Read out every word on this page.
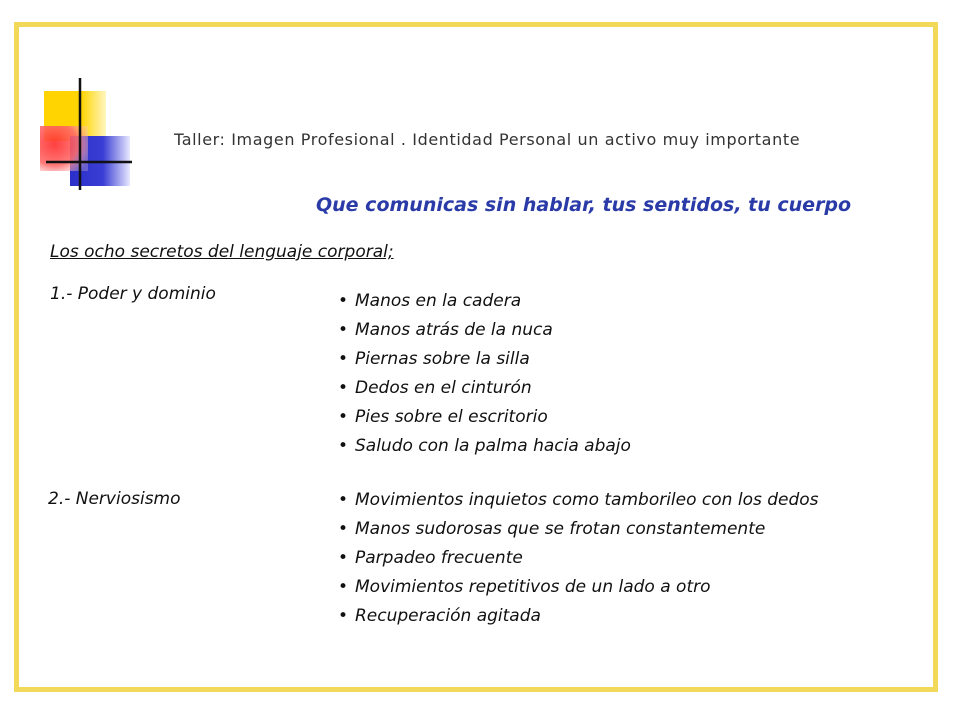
Taller: Imagen Profesional . Identidad Personal un activo muy importante
Que comunicas sin hablar, tus sentidos, tu cuerpo
Los ocho secretos del lenguaje corporal;
1.- Poder y dominio	• Manos en la cadera
• Manos atrás de la nuca
• Piernas sobre la silla
• Dedos en el cinturón
• Pies sobre el escritorio
• Saludo con la palma hacia abajo
2.- Nerviosismo	• Movimientos inquietos como tamborileo con los dedos
• Manos sudorosas que se frotan constantemente
• Parpadeo frecuente
• Movimientos repetitivos de un lado a otro
• Recuperación agitada
